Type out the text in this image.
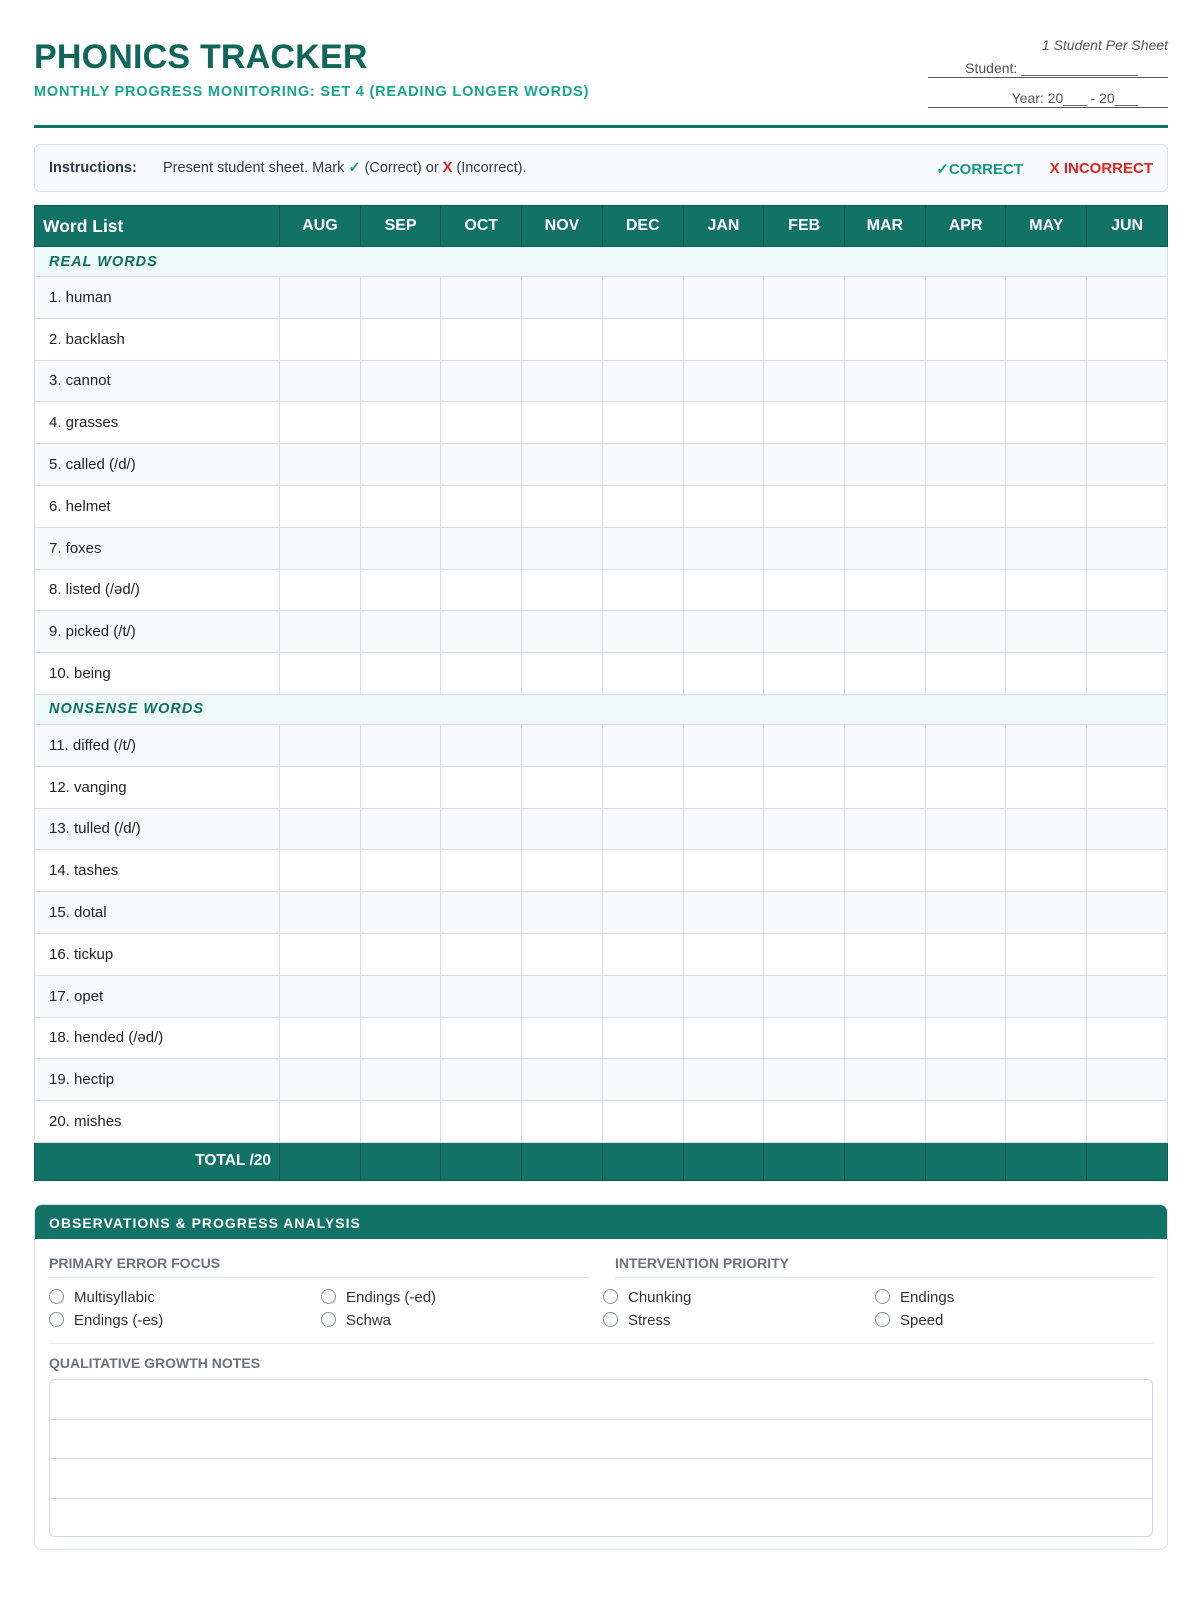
PHONICS TRACKER
MONTHLY PROGRESS MONITORING: SET 4 (READING LONGER WORDS)
1 Student Per Sheet
Student: _______________
Year: 20___ - 20___
Instructions: Present student sheet. Mark ✓ (Correct) or X (Incorrect).	✓CORRECT X INCORRECT
Word List	AUG	SEP	OCT	NOV	DEC	JAN	FEB	MAR	APR	MAY	JUN
REAL WORDS											
1. human											
2. backlash											
3. cannot											
4. grasses											
5. called (/d/)											
6. helmet											
7. foxes											
8. listed (/əd/)											
9. picked (/t/)											
10. being											
NONSENSE WORDS											
11. diffed (/t/)											
12. vanging											
13. tulled (/d/)											
14. tashes											
15. dotal											
16. tickup											
17. opet											
18. hended (/əd/)											
19. hectip											
20. mishes											
TOTAL /20											
OBSERVATIONS & PROGRESS ANALYSIS
PRIMARY ERROR FOCUS	INTERVENTION PRIORITY
Multisyllabic	Endings (-ed)
Endings (-es)	Schwa
Chunking	Endings
Stress	Speed
QUALITATIVE GROWTH NOTES
